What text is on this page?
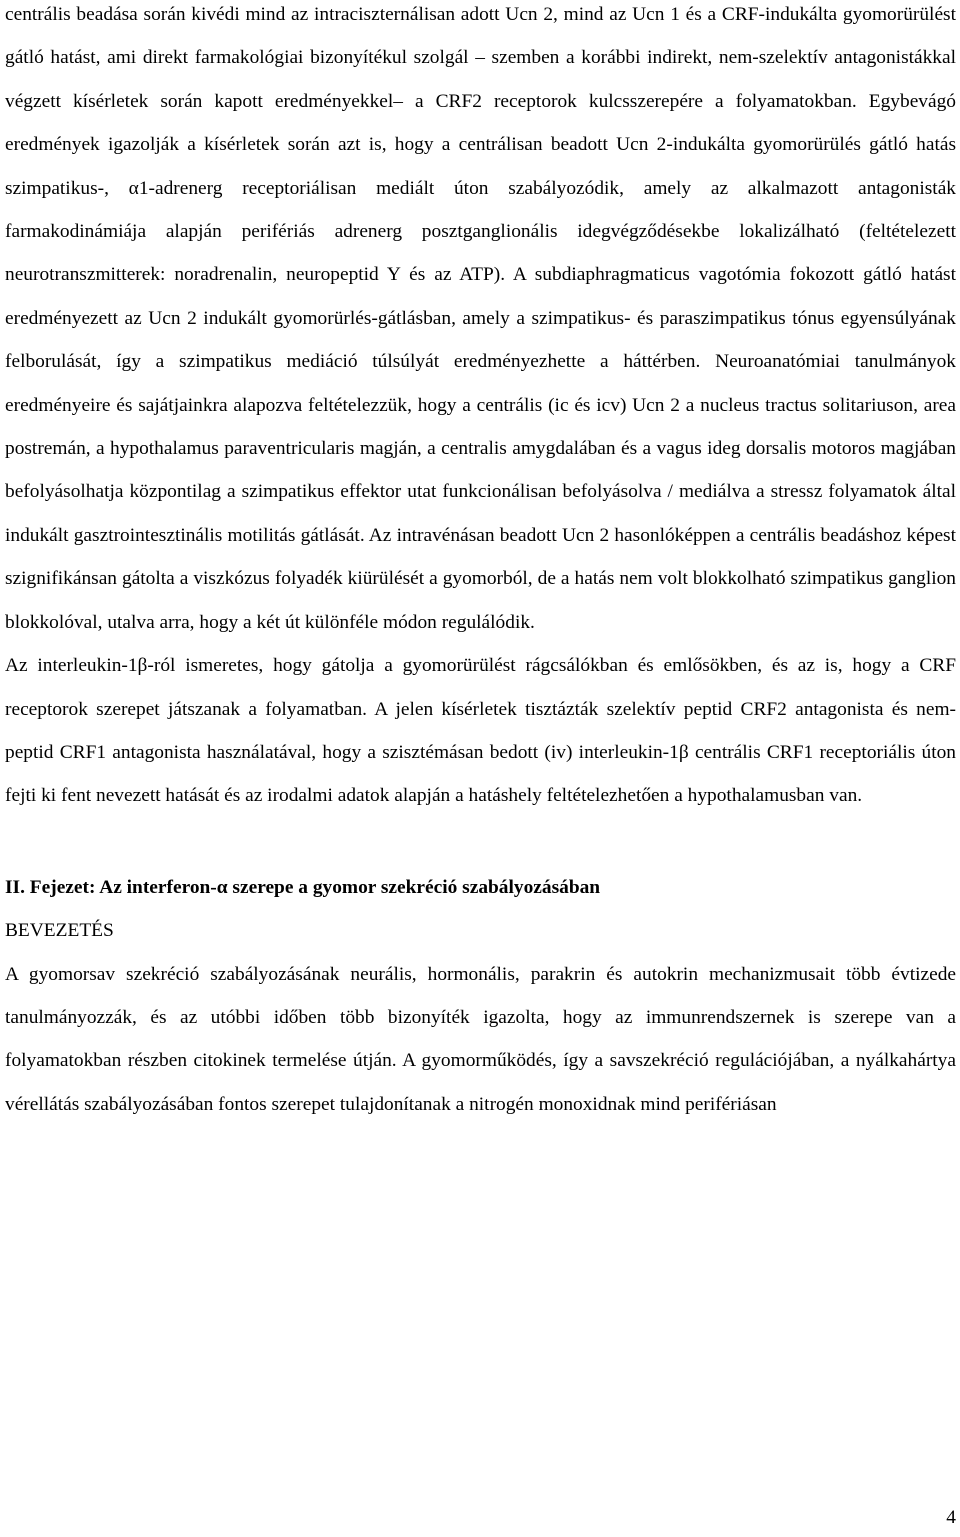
centrális beadása során kivédi mind az intraciszternálisan adott Ucn 2, mind az Ucn 1 és a CRF-indukálta gyomorürülést gátló hatást, ami direkt farmakológiai bizonyítékul szolgál – szemben a korábbi indirekt, nem-szelektív antagonistákkal végzett kísérletek során kapott eredményekkel– a CRF2 receptorok kulcsszerepére a folyamatokban. Egybevágó eredmények igazolják a kísérletek során azt is, hogy a centrálisan beadott Ucn 2-indukálta gyomorürülés gátló hatás szimpatikus-, α1-adrenerg receptoriálisan mediált úton szabályozódik, amely az alkalmazott antagonisták farmakodinámiája alapján perifériás adrenerg posztganglionális idegvégződésekbe lokalizálható (feltételezett neurotranszmitterek: noradrenalin, neuropeptid Y és az ATP). A subdiaphragmaticus vagotómia fokozott gátló hatást eredményezett az Ucn 2 indukált gyomorürlés-gátlásban, amely a szimpatikus- és paraszimpatikus tónus egyensúlyának felborulását, így a szimpatikus mediáció túlsúlyát eredményezhette a háttérben. Neuroanatómiai tanulmányok eredményeire és sajátjainkra alapozva feltételezzük, hogy a centrális (ic és icv) Ucn 2 a nucleus tractus solitariuson, area postremán, a hypothalamus paraventricularis magján, a centralis amygdalában és a vagus ideg dorsalis motoros magjában befolyásolhatja központilag a szimpatikus effektor utat funkcionálisan befolyásolva / mediálva a stressz folyamatok által indukált gasztrointesztinális motilitás gátlását. Az intravénásan beadott Ucn 2 hasonlóképpen a centrális beadáshoz képest szignifikánsan gátolta a viszkózus folyadék kiürülését a gyomorból, de a hatás nem volt blokkolható szimpatikus ganglion blokkolóval, utalva arra, hogy a két út különféle módon regulálódik.

Az interleukin-1β-ról ismeretes, hogy gátolja a gyomorürülést rágcsálókban és emlősökben, és az is, hogy a CRF receptorok szerepet játszanak a folyamatban. A jelen kísérletek tisztázták szelektív peptid CRF2 antagonista és nem-peptid CRF1 antagonista használatával, hogy a szisztémásan bedott (iv) interleukin-1β centrális CRF1 receptoriális úton fejti ki fent nevezett hatását és az irodalmi adatok alapján a hatáshely feltételezhetően a hypothalamusban van.

II. Fejezet: Az interferon-α szerepe a gyomor szekréció szabályozásában

BEVEZETÉS

A gyomorsav szekréció szabályozásának neurális, hormonális, parakrin és autokrin mechanizmusait több évtizede tanulmányozzák, és az utóbbi időben több bizonyíték igazolta, hogy az immunrendszernek is szerepe van a folyamatokban részben citokinek termelése útján. A gyomorműködés, így a savszekréció regulációjában, a nyálkahártya vérellátás szabályozásában fontos szerepet tulajdonítanak a nitrogén monoxidnak mind perifériásan

4
